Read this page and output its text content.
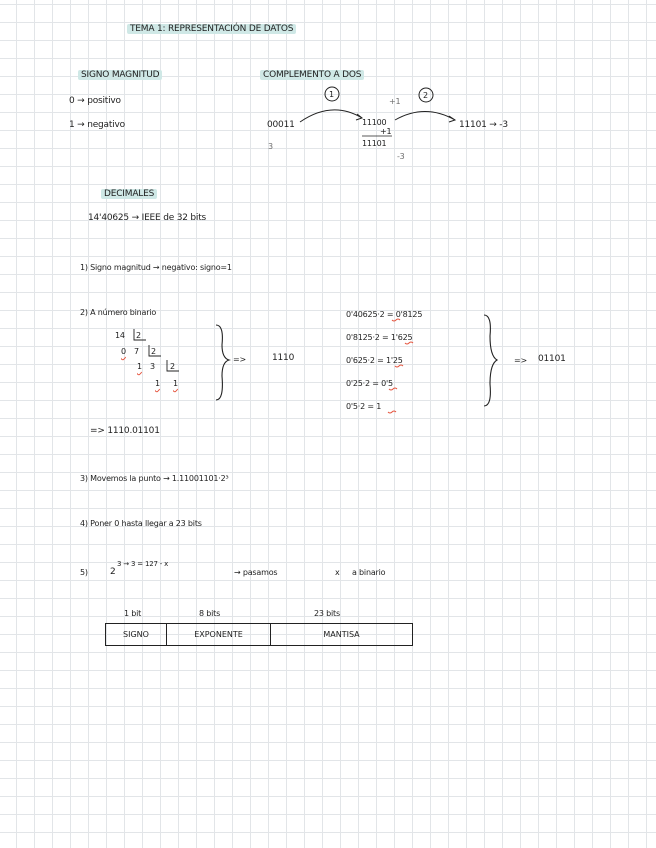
TEMA 1: REPRESENTACIÓN DE DATOS
SIGNO MAGNITUD
0 → positivo
1 → negativo
COMPLEMENTO A DOS
1	2
+1
00011
3
11100
+1
11101
-3
11101 → -3
DECIMALES
14'40625 → IEEE de 32 bits
1) Signo magnitud → negativo: signo=1
2) A número binario
14 2
0 7 2
1 3 2
1 1
=>	1110
0'40625·2 = 0'8125
0'8125·2 = 1'625
0'625·2 = 1'25
0'25·2 = 0'5
0'5·2 = 1
=> 01101
=> 1110.01101
3) Movemos la punto → 1.11001101·2³
4) Poner 0 hasta llegar a 23 bits
5) 2
3 → 3 = 127 - x
→ pasamos	x a binario
1 bit	8 bits	23 bits
SIGNO	EXPONENTE	MANTISA
